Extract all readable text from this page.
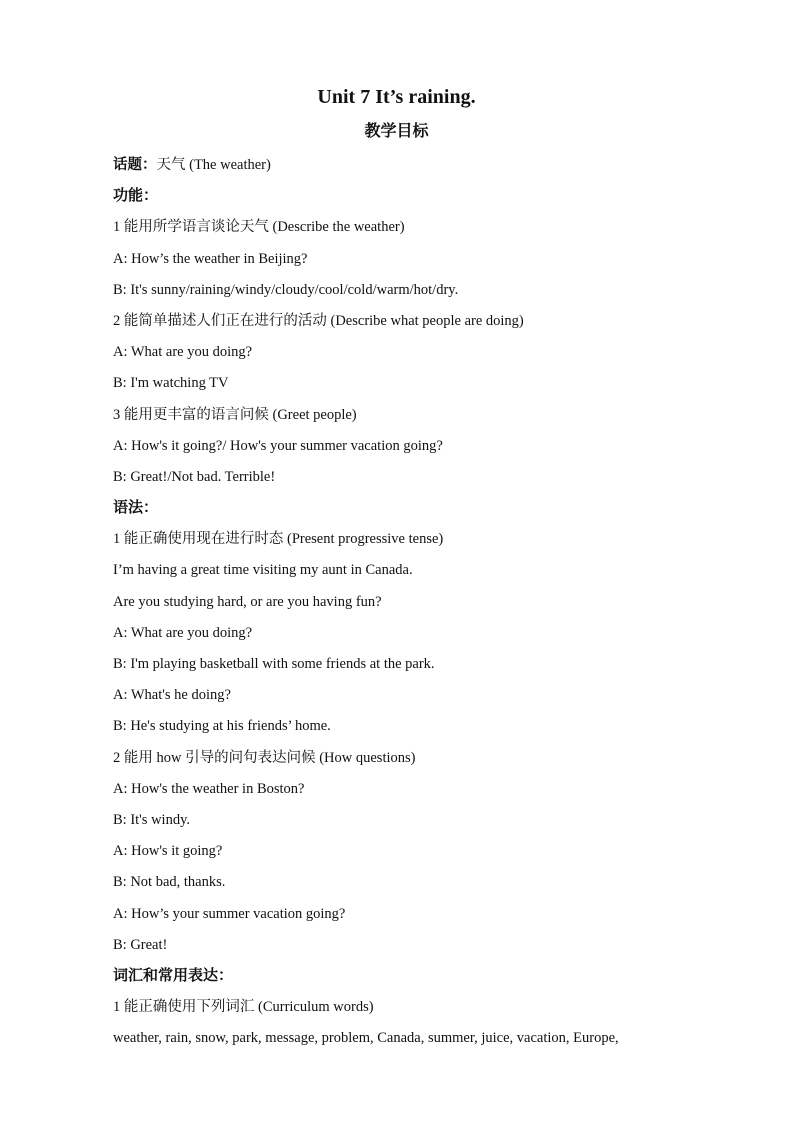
Unit 7 It’s raining.
教学目标
话题：天气 (The weather)
功能：
1 能用所学语言谈论天气 (Describe the weather)
A: How’s the weather in Beijing?
B: It's sunny/raining/windy/cloudy/cool/cold/warm/hot/dry.
2 能简单描述人们正在进行的活动 (Describe what people are doing)
A: What are you doing?
B: I'm watching TV
3 能用更丰富的语言问候 (Greet people)
A: How's it going?/ How's your summer vacation going?
B: Great!/Not bad. Terrible!
语法：
1 能正确使用现在进行时态 (Present progressive tense)
I’m having a great time visiting my aunt in Canada.
Are you studying hard, or are you having fun?
A: What are you doing?
B: I'm playing basketball with some friends at the park.
A: What's he doing?
B: He's studying at his friends’ home.
2 能用 how 引导的问句表达问候 (How questions)
A: How's the weather in Boston?
B: It's windy.
A: How's it going?
B: Not bad, thanks.
A: How’s your summer vacation going?
B: Great!
词汇和常用表达：
1 能正确使用下列词汇 (Curriculum words)
weather, rain, snow, park, message, problem, Canada, summer, juice, vacation, Europe,
